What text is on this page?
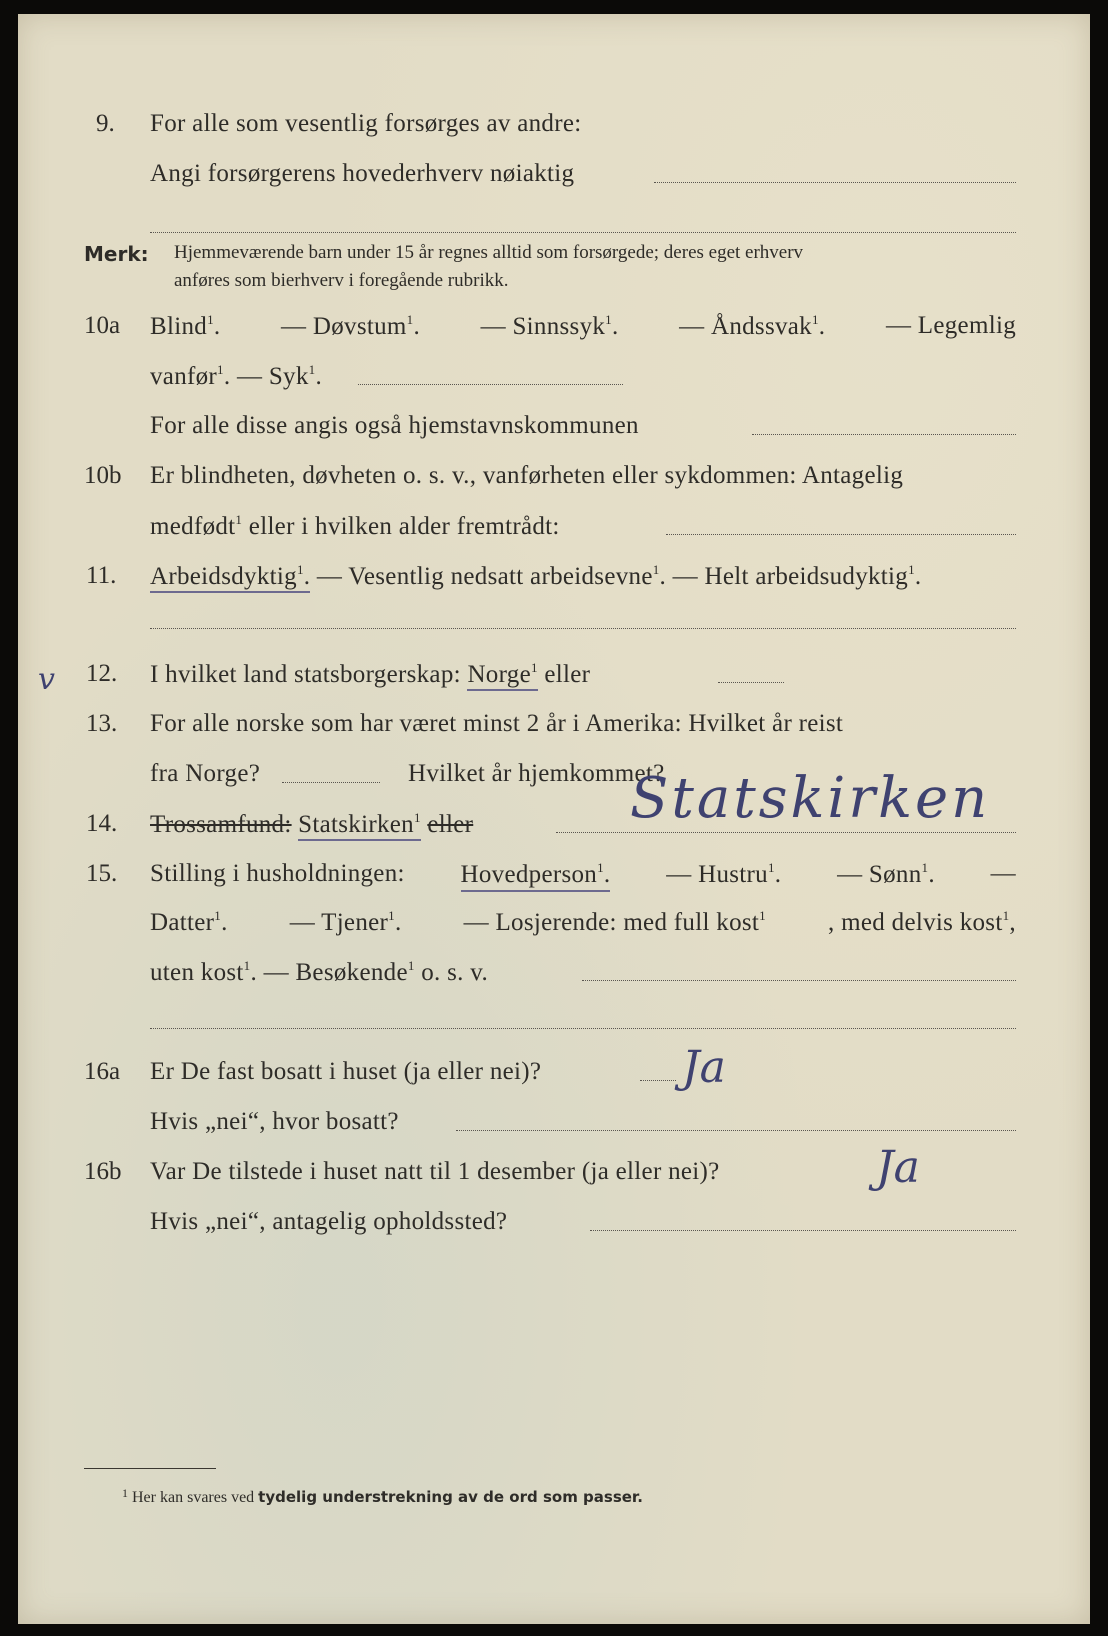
9. For alle som vesentlig forsørges av andre:
Angi forsørgerens hovederhverv nøiaktig
Merk: Hjemmeværende barn under 15 år regnes alltid som forsørgede; deres eget erhverv
anføres som bierhverv i foregående rubrikk.
10a Blind$^1$. — Døvstum$^1$. — Sinnssyk$^1$. — Åndssvak$^1$. — Legemlig
vanfør$^1$. — Syk$^1$.
For alle disse angis også hjemstavnskommunen
10b Er blindheten, døvheten o. s. v., vanførheten eller sykdommen: Antagelig
medfødt$^1$ eller i hvilken alder fremtrådt:
11. Arbeidsdyktig$^1$. — Vesentlig nedsatt arbeidsevne$^1$. — Helt arbeidsudyktig$^1$.
v 12. I hvilket land statsborgerskap: Norge$^1$ eller
13. For alle norske som har været minst 2 år i Amerika: Hvilket år reist
fra Norge?	Hvilket år hjemkommet?
14. Trossamfund: Statskirken$^1$ eller	Statskirken
15. Stilling i husholdningen: Hovedperson$^1$. — Hustru$^1$. — Sønn$^1$. —
Datter$^1$. — Tjener$^1$. — Losjerende: med full kost$^1$ , med delvis kost$^1$,
uten kost$^1$. — Besøkende$^1$ o. s. v.
16a Er De fast bosatt i huset (ja eller nei)?	Ja
Hvis „nei“, hvor bosatt?
16b Var De tilstede i huset natt til 1 desember (ja eller nei)?	Ja
Hvis „nei“, antagelig opholdssted?
$^1$ Her kan svares ved tydelig understrekning av de ord som passer.
